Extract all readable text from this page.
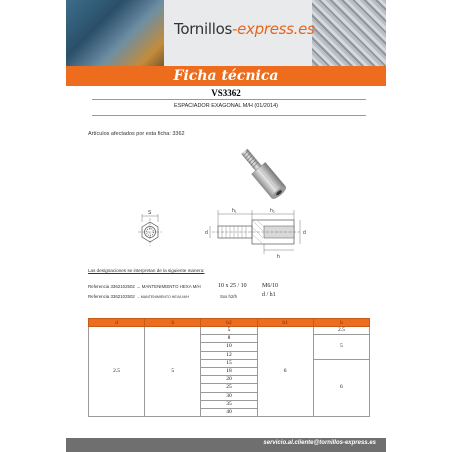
Tornillos-express.es
Ficha técnica
VS3362
ESPACIADOR EXAGONAL M/H (01/2014)
Artículos afectados por esta ficha: 3362
S	h₁	h₂
d	d
h
Las designaciones se interpretan de la siguiente manera:
Referencia 3362102502 → MANTENIMIENTO HEXA M/H	10 x 25 / 10	M6/10
Referencia 3362102502 → MANTENIMIENTO HEXA M/H	Sxx h2/h	d / h1
d	S	h2	h1	h
2.5	5	5	6	2.5
		8		5
		10		
		12		
		15		6
		18		
		20		
		25		
		30		
		35		
		40		
servicio.al.cliente@tornillos-express.es
